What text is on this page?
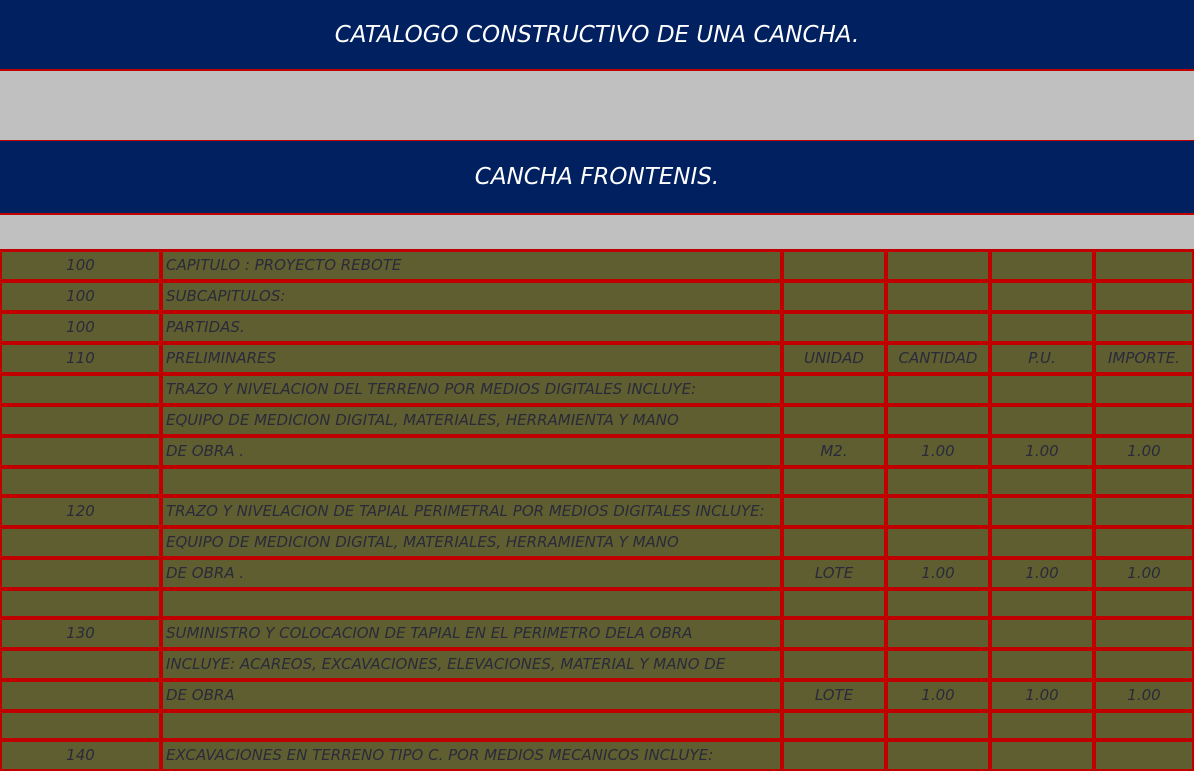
CATALOGO CONSTRUCTIVO DE UNA CANCHA.
CANCHA FRONTENIS.
100	CAPITULO : PROYECTO REBOTE				
100	SUBCAPITULOS:				
100	PARTIDAS.				
110	PRELIMINARES	UNIDAD	CANTIDAD	P.U.	IMPORTE.
	TRAZO Y NIVELACION DEL TERRENO POR MEDIOS DIGITALES INCLUYE:				
	EQUIPO DE MEDICION DIGITAL, MATERIALES, HERRAMIENTA Y MANO				
	DE OBRA .	M2.	1.00	1.00	1.00

120	TRAZO Y NIVELACION DE TAPIAL PERIMETRAL POR MEDIOS DIGITALES INCLUYE:				
	EQUIPO DE MEDICION DIGITAL, MATERIALES, HERRAMIENTA Y MANO				
	DE OBRA .	LOTE	1.00	1.00	1.00

130	SUMINISTRO Y COLOCACION DE TAPIAL EN EL PERIMETRO DELA OBRA				
	INCLUYE: ACAREOS, EXCAVACIONES, ELEVACIONES, MATERIAL Y MANO DE				
	DE OBRA	LOTE	1.00	1.00	1.00

140	EXCAVACIONES EN TERRENO TIPO C. POR MEDIOS MECANICOS INCLUYE:				
